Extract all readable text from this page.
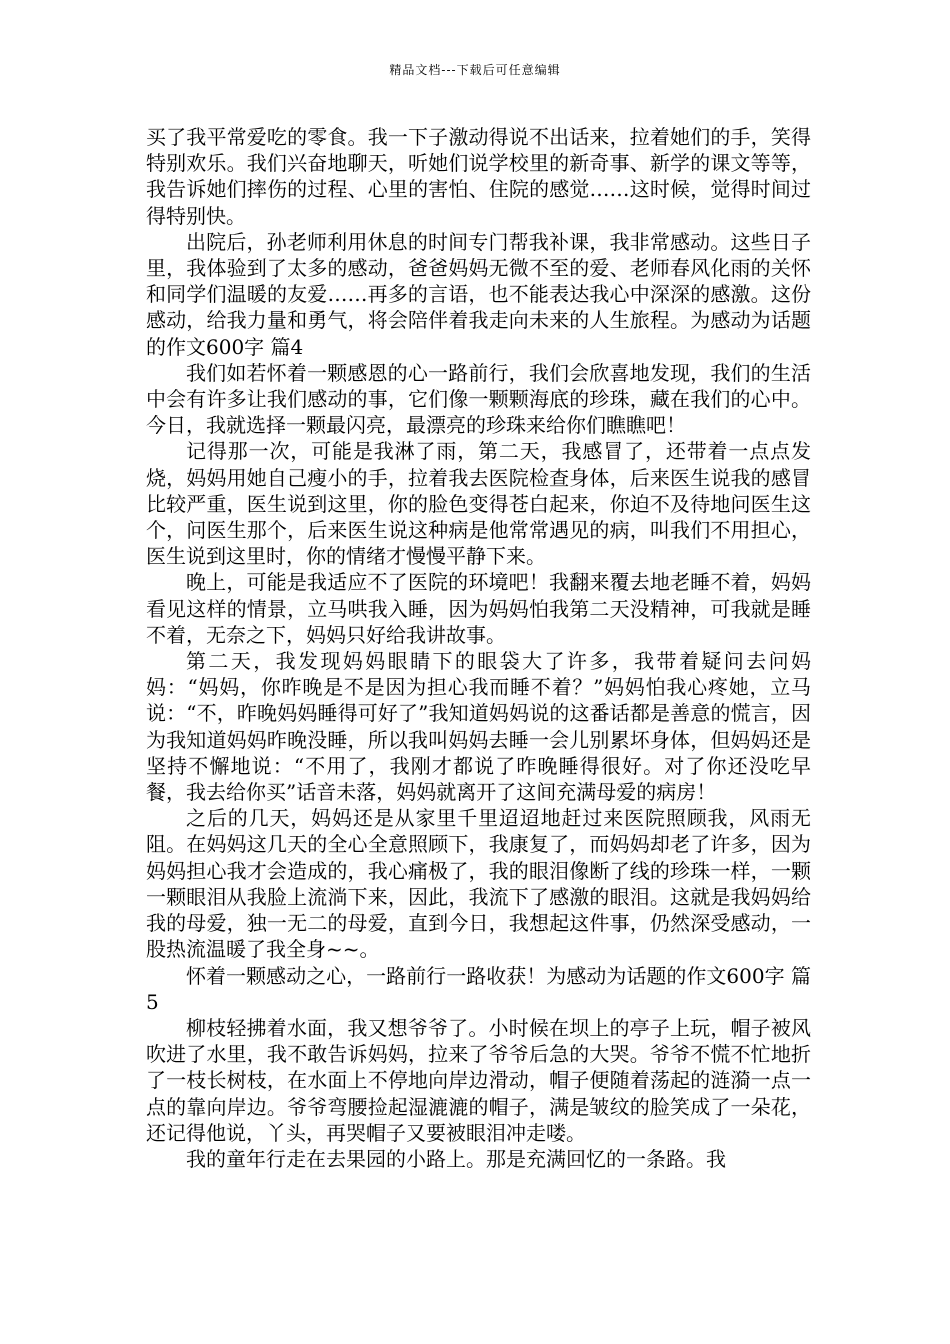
精品文档---下载后可任意编辑

买了我平常爱吃的零食。我一下子激动得说不出话来，拉着她们的手，笑得特别欢乐。我们兴奋地聊天，听她们说学校里的新奇事、新学的课文等等，我告诉她们摔伤的过程、心里的害怕、住院的感觉……这时候，觉得时间过得特别快。

出院后，孙老师利用休息的时间专门帮我补课，我非常感动。这些日子里，我体验到了太多的感动，爸爸妈妈无微不至的爱、老师春风化雨的关怀和同学们温暖的友爱……再多的言语，也不能表达我心中深深的感激。这份感动，给我力量和勇气，将会陪伴着我走向未来的人生旅程。为感动为话题的作文600字 篇4

我们如若怀着一颗感恩的心一路前行，我们会欣喜地发现，我们的生活中会有许多让我们感动的事，它们像一颗颗海底的珍珠，藏在我们的心中。今日，我就选择一颗最闪亮，最漂亮的珍珠来给你们瞧瞧吧！

记得那一次，可能是我淋了雨，第二天，我感冒了，还带着一点点发烧，妈妈用她自己瘦小的手，拉着我去医院检查身体，后来医生说我的感冒比较严重，医生说到这里，你的脸色变得苍白起来，你迫不及待地问医生这个，问医生那个，后来医生说这种病是他常常遇见的病，叫我们不用担心，医生说到这里时，你的情绪才慢慢平静下来。

晚上，可能是我适应不了医院的环境吧！我翻来覆去地老睡不着，妈妈看见这样的情景，立马哄我入睡，因为妈妈怕我第二天没精神，可我就是睡不着，无奈之下，妈妈只好给我讲故事。

第二天，我发现妈妈眼睛下的眼袋大了许多，我带着疑问去问妈妈：“妈妈，你昨晚是不是因为担心我而睡不着？”妈妈怕我心疼她，立马说：“不，昨晚妈妈睡得可好了”我知道妈妈说的这番话都是善意的慌言，因为我知道妈妈昨晚没睡，所以我叫妈妈去睡一会儿别累坏身体，但妈妈还是坚持不懈地说：“不用了，我刚才都说了昨晚睡得很好。对了你还没吃早餐，我去给你买”话音未落，妈妈就离开了这间充满母爱的病房！

之后的几天，妈妈还是从家里千里迢迢地赶过来医院照顾我，风雨无阻。在妈妈这几天的全心全意照顾下，我康复了，而妈妈却老了许多，因为妈妈担心我才会造成的，我心痛极了，我的眼泪像断了线的珍珠一样，一颗一颗眼泪从我脸上流淌下来，因此，我流下了感激的眼泪。这就是我妈妈给我的母爱，独一无二的母爱，直到今日，我想起这件事，仍然深受感动，一股热流温暖了我全身~~。

怀着一颗感动之心，一路前行一路收获！为感动为话题的作文600字 篇5

柳枝轻拂着水面，我又想爷爷了。小时候在坝上的亭子上玩，帽子被风吹进了水里，我不敢告诉妈妈，拉来了爷爷后急的大哭。爷爷不慌不忙地折了一枝长树枝，在水面上不停地向岸边滑动，帽子便随着荡起的涟漪一点一点的靠向岸边。爷爷弯腰捡起湿漉漉的帽子，满是皱纹的脸笑成了一朵花，还记得他说，丫头，再哭帽子又要被眼泪冲走喽。

我的童年行走在去果园的小路上。那是充满回忆的一条路。我
